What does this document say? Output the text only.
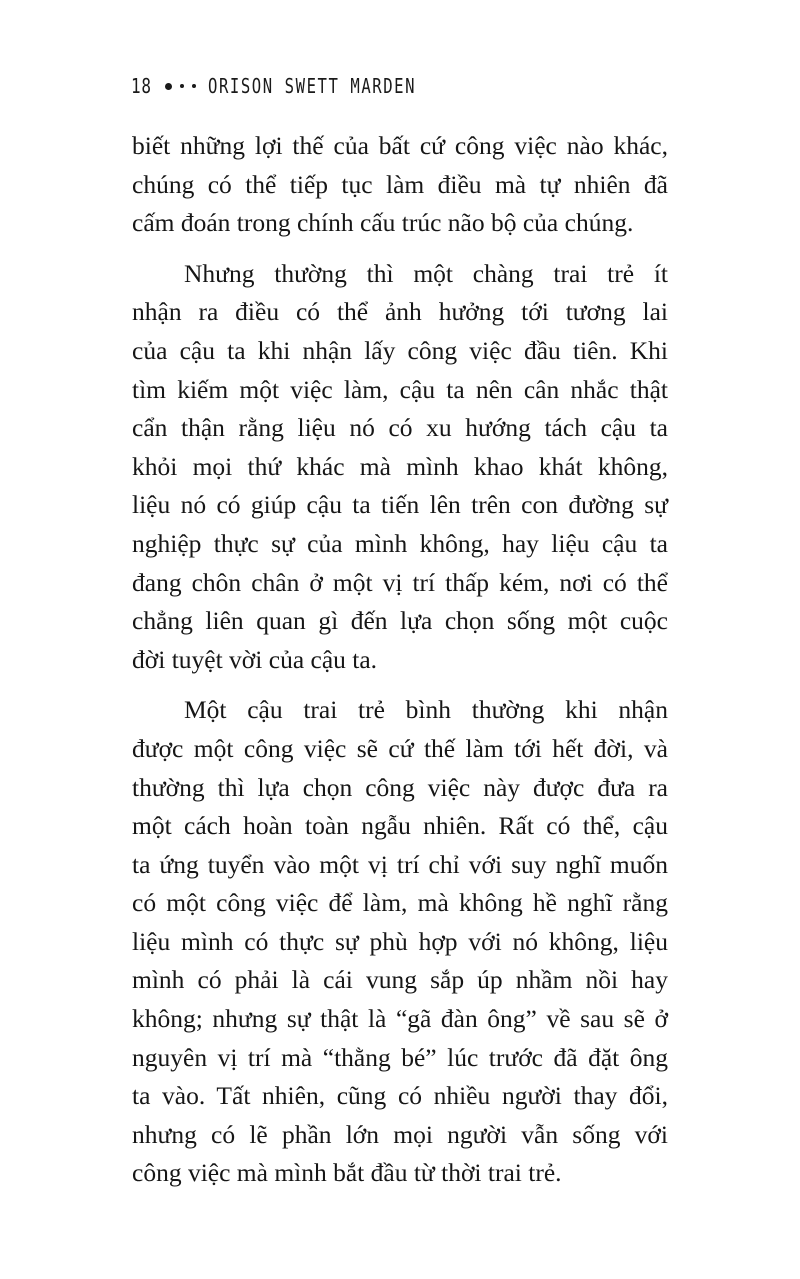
18	ORISON SWETT MARDEN
biết những lợi thế của bất cứ công việc nào khác,
chúng có thể tiếp tục làm điều mà tự nhiên đã
cấm đoán trong chính cấu trúc não bộ của chúng.
Nhưng thường thì một chàng trai trẻ ít
nhận ra điều có thể ảnh hưởng tới tương lai
của cậu ta khi nhận lấy công việc đầu tiên. Khi
tìm kiếm một việc làm, cậu ta nên cân nhắc thật
cẩn thận rằng liệu nó có xu hướng tách cậu ta
khỏi mọi thứ khác mà mình khao khát không,
liệu nó có giúp cậu ta tiến lên trên con đường sự
nghiệp thực sự của mình không, hay liệu cậu ta
đang chôn chân ở một vị trí thấp kém, nơi có thể
chẳng liên quan gì đến lựa chọn sống một cuộc
đời tuyệt vời của cậu ta.
Một cậu trai trẻ bình thường khi nhận
được một công việc sẽ cứ thế làm tới hết đời, và
thường thì lựa chọn công việc này được đưa ra
một cách hoàn toàn ngẫu nhiên. Rất có thể, cậu
ta ứng tuyển vào một vị trí chỉ với suy nghĩ muốn
có một công việc để làm, mà không hề nghĩ rằng
liệu mình có thực sự phù hợp với nó không, liệu
mình có phải là cái vung sắp úp nhầm nồi hay
không; nhưng sự thật là “gã đàn ông” về sau sẽ ở
nguyên vị trí mà “thằng bé” lúc trước đã đặt ông
ta vào. Tất nhiên, cũng có nhiều người thay đổi,
nhưng có lẽ phần lớn mọi người vẫn sống với
công việc mà mình bắt đầu từ thời trai trẻ.
